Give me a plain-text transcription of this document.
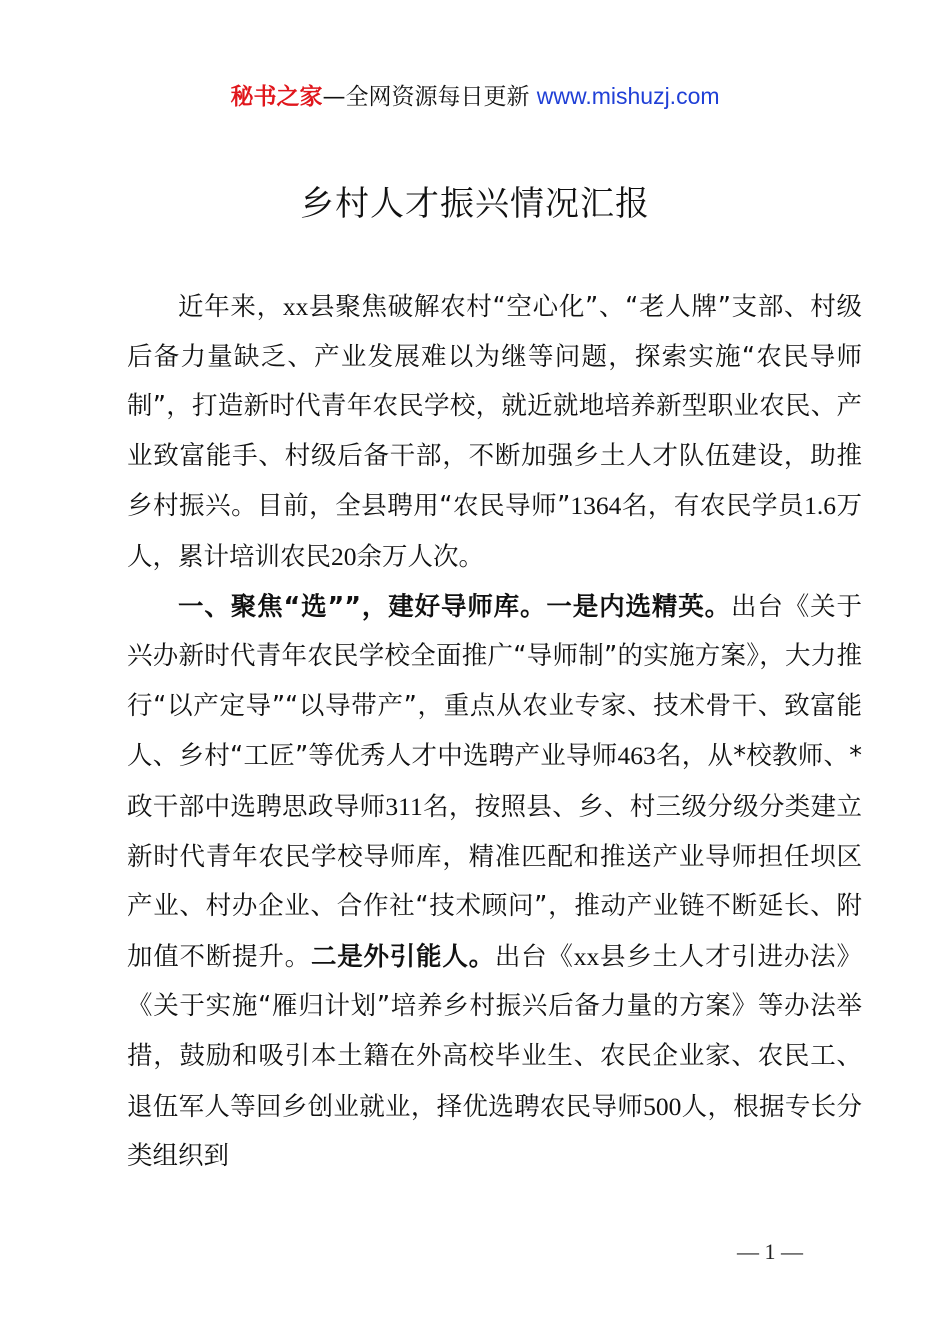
秘书之家—全网资源每日更新 www.mishuzj.com
乡村人才振兴情况汇报

近年来，xx县聚焦破解农村“空心化”、“老人牌”支部、村级后备力量缺乏、产业发展难以为继等问题，探索实施“农民导师制”，打造新时代青年农民学校，就近就地培养新型职业农民、产业致富能手、村级后备干部，不断加强乡土人才队伍建设，助推乡村振兴。目前，全县聘用“农民导师”1364名，有农民学员1.6万人，累计培训农民20余万人次。

一、聚焦“选””，建好导师库。一是内选精英。出台《关于兴办新时代青年农民学校全面推广“导师制”的实施方案》，大力推行“以产定导”“以导带产”，重点从农业专家、技术骨干、致富能人、乡村“工匠”等优秀人才中选聘产业导师463名，从*校教师、*政干部中选聘思政导师311名，按照县、乡、村三级分级分类建立新时代青年农民学校导师库，精准匹配和推送产业导师担任坝区产业、村办企业、合作社“技术顾问”，推动产业链不断延长、附加值不断提升。二是外引能人。出台《xx县乡土人才引进办法》《关于实施“雁归计划”培养乡村振兴后备力量的方案》等办法举措，鼓励和吸引本土籍在外高校毕业生、农民企业家、农民工、退伍军人等回乡创业就业，择优选聘农民导师500人，根据专长分类组织到

— 1 —
